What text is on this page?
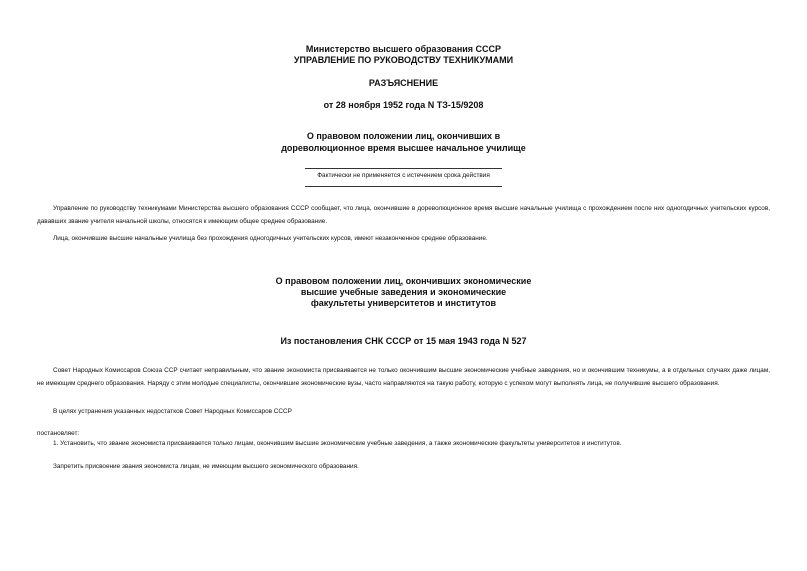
Министерство высшего образования СССР
УПРАВЛЕНИЕ ПО РУКОВОДСТВУ ТЕХНИКУМАМИ
РАЗЪЯСНЕНИЕ
от 28 ноября 1952 года N ТЗ-15/9208
О правовом положении лиц, окончивших в
дореволюционное время высшее начальное училище
Фактически не применяется с истечением срока действия
Управление по руководству техникумами Министерства высшего образования СССР сообщает, что лица, окончившие в дореволюционное время высшие начальные училища с прохождением после них одногодичных учительских курсов, дававших звание учителя начальной школы, относятся к имеющим общее среднее образование.
Лица, окончившие высшие начальные училища без прохождения одногодичных учительских курсов, имеют незаконченное среднее образование.
О правовом положении лиц, окончивших экономические
высшие учебные заведения и экономические
факультеты университетов и институтов
Из постановления СНК СССР от 15 мая 1943 года N 527
Совет Народных Комиссаров Союза ССР считает неправильным, что звание экономиста присваивается не только окончившим высшие экономические учебные заведения, но и окончившим техникумы, а в отдельных случаях даже лицам, не имеющим среднего образования. Наряду с этим молодые специалисты, окончившие экономические вузы, часто направляются на такую работу, которую с успехом могут выполнять лица, не получившие высшего образования.
В целях устранения указанных недостатков Совет Народных Комиссаров СССР
постановляет:
1. Установить, что звание экономиста присваивается только лицам, окончившим высшие экономические учебные заведения, а также экономические факультеты университетов и институтов.
Запретить присвоение звания экономиста лицам, не имеющим высшего экономического образования.
